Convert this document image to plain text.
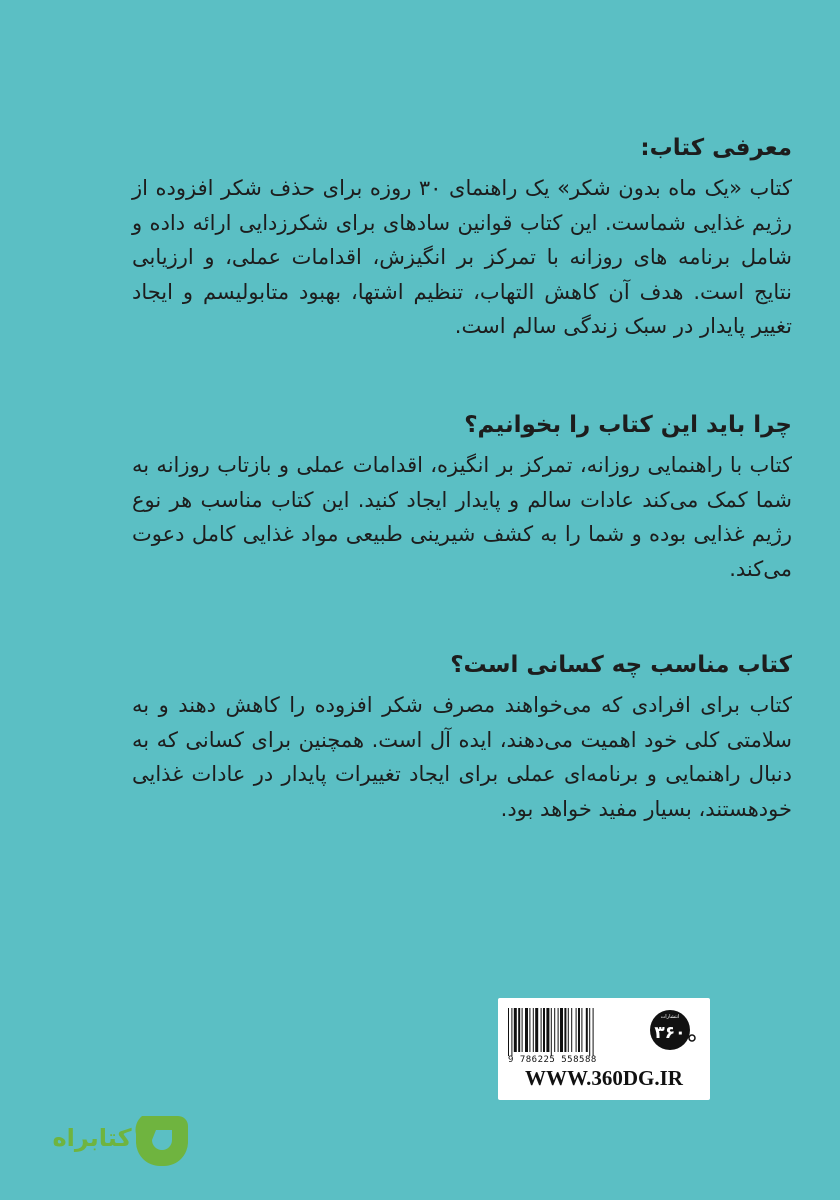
معرفی کتاب:

کتاب «یک ماه بدون شکر» یک راهنمای ۳۰ روزه برای حذف شکر افزوده از رژیم غذایی شماست. این کتاب قوانین سادهای برای شکرزدایی ارائه داده و شامل برنامه های روزانه با تمرکز بر انگیزش، اقدامات عملی، و ارزیابی نتایج است. هدف آن کاهش التهاب، تنظیم اشتها، بهبود متابولیسم و ایجاد تغییر پایدار در سبک زندگی سالم است.

چرا باید این کتاب را بخوانیم؟

کتاب با راهنمایی روزانه، تمرکز بر انگیزه، اقدامات عملی و بازتاب روزانه به شما کمک می‌کند عادات سالم و پایدار ایجاد کنید. این کتاب مناسب هر نوع رژیم غذایی بوده و شما را به کشف شیرینی طبیعی مواد غذایی کامل دعوت می‌کند.

کتاب مناسب چه کسانی است؟

کتاب برای افرادی که می‌خواهند مصرف شکر افزوده را کاهش دهند و به سلامتی کلی خود اهمیت می‌دهند، ایده آل است. همچنین برای کسانی که به دنبال راهنمایی و برنامه‌ای عملی برای ایجاد تغییرات پایدار در عادات غذایی خودهستند، بسیار مفید خواهد بود.

9 786225 558588
۳۶۰
انتشارات
WWW.360DG.IR
کتابراه
